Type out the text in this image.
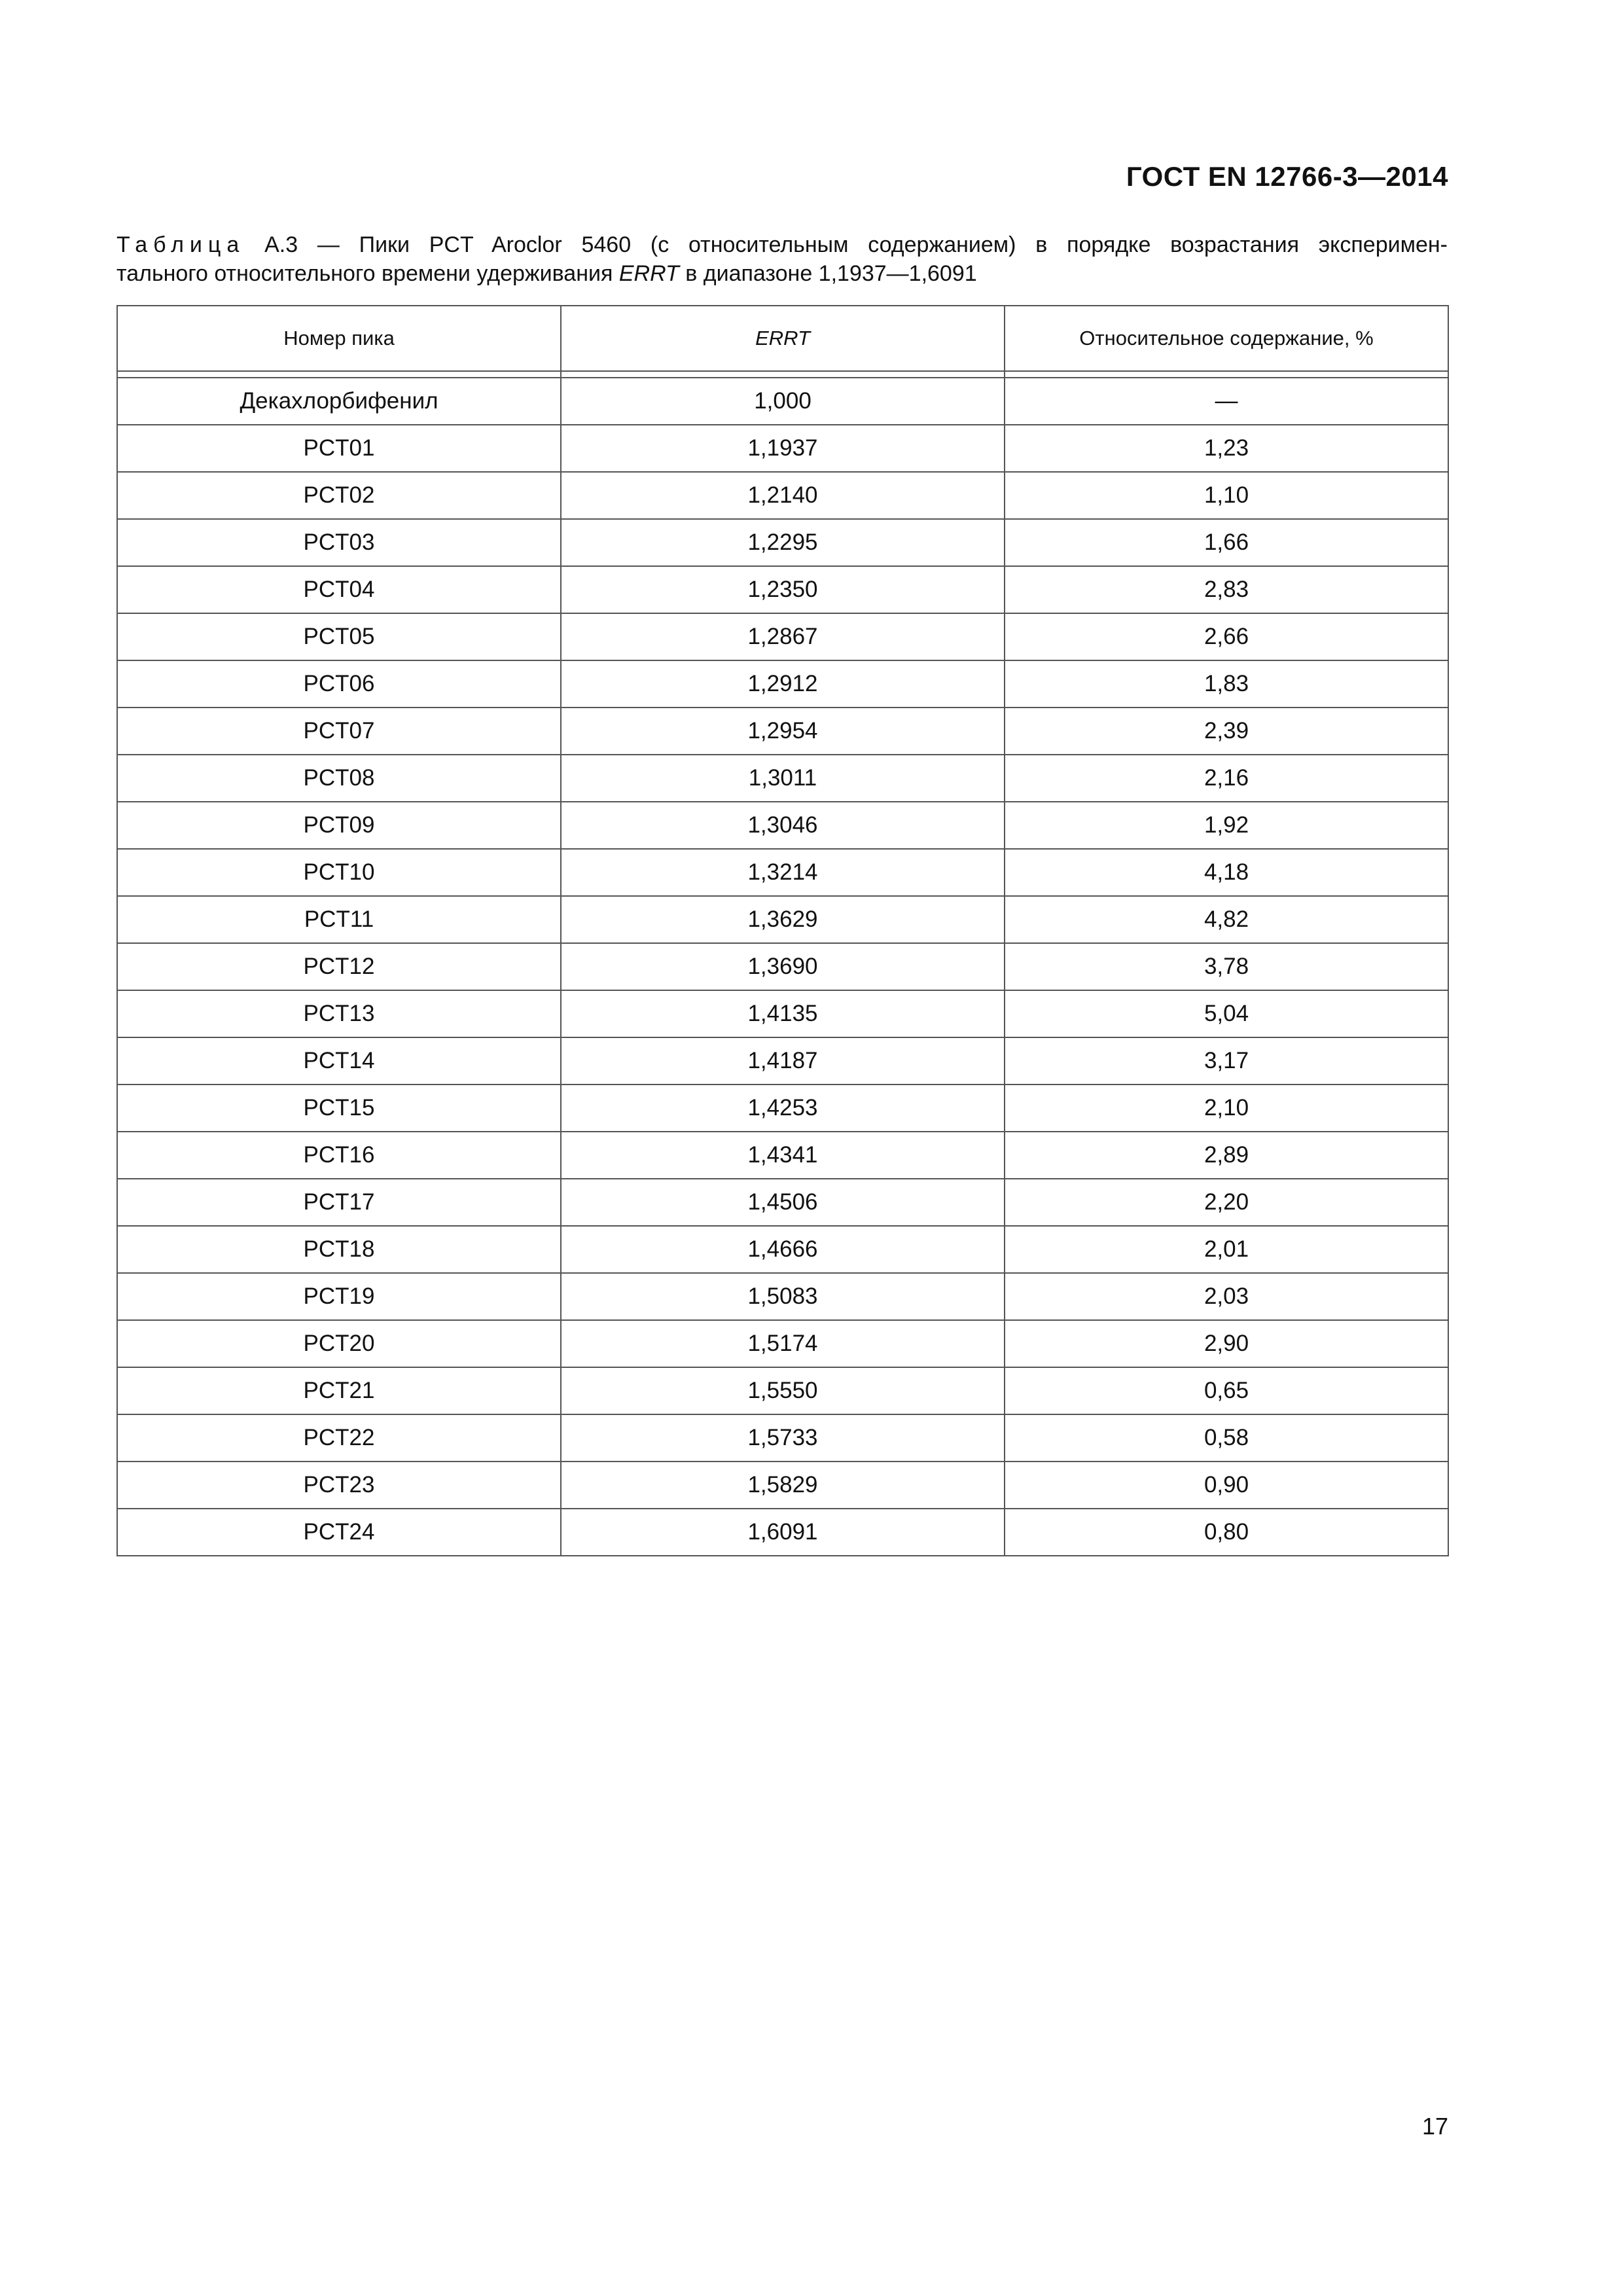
ГОСТ EN 12766-3—2014
Таблица А.3 — Пики PCT Aroclor 5460 (с относительным содержанием) в порядке возрастания эксперимен-
тального относительного времени удерживания ERRT в диапазоне 1,1937—1,6091
Номер пика	ERRT	Относительное содержание, %

Декахлорбифенил	1,000	—
PCT01	1,1937	1,23
PCT02	1,2140	1,10
PCT03	1,2295	1,66
PCT04	1,2350	2,83
PCT05	1,2867	2,66
PCT06	1,2912	1,83
PCT07	1,2954	2,39
PCT08	1,3011	2,16
PCT09	1,3046	1,92
PCT10	1,3214	4,18
PCT11	1,3629	4,82
PCT12	1,3690	3,78
PCT13	1,4135	5,04
PCT14	1,4187	3,17
PCT15	1,4253	2,10
PCT16	1,4341	2,89
PCT17	1,4506	2,20
PCT18	1,4666	2,01
PCT19	1,5083	2,03
PCT20	1,5174	2,90
PCT21	1,5550	0,65
PCT22	1,5733	0,58
PCT23	1,5829	0,90
PCT24	1,6091	0,80
17
